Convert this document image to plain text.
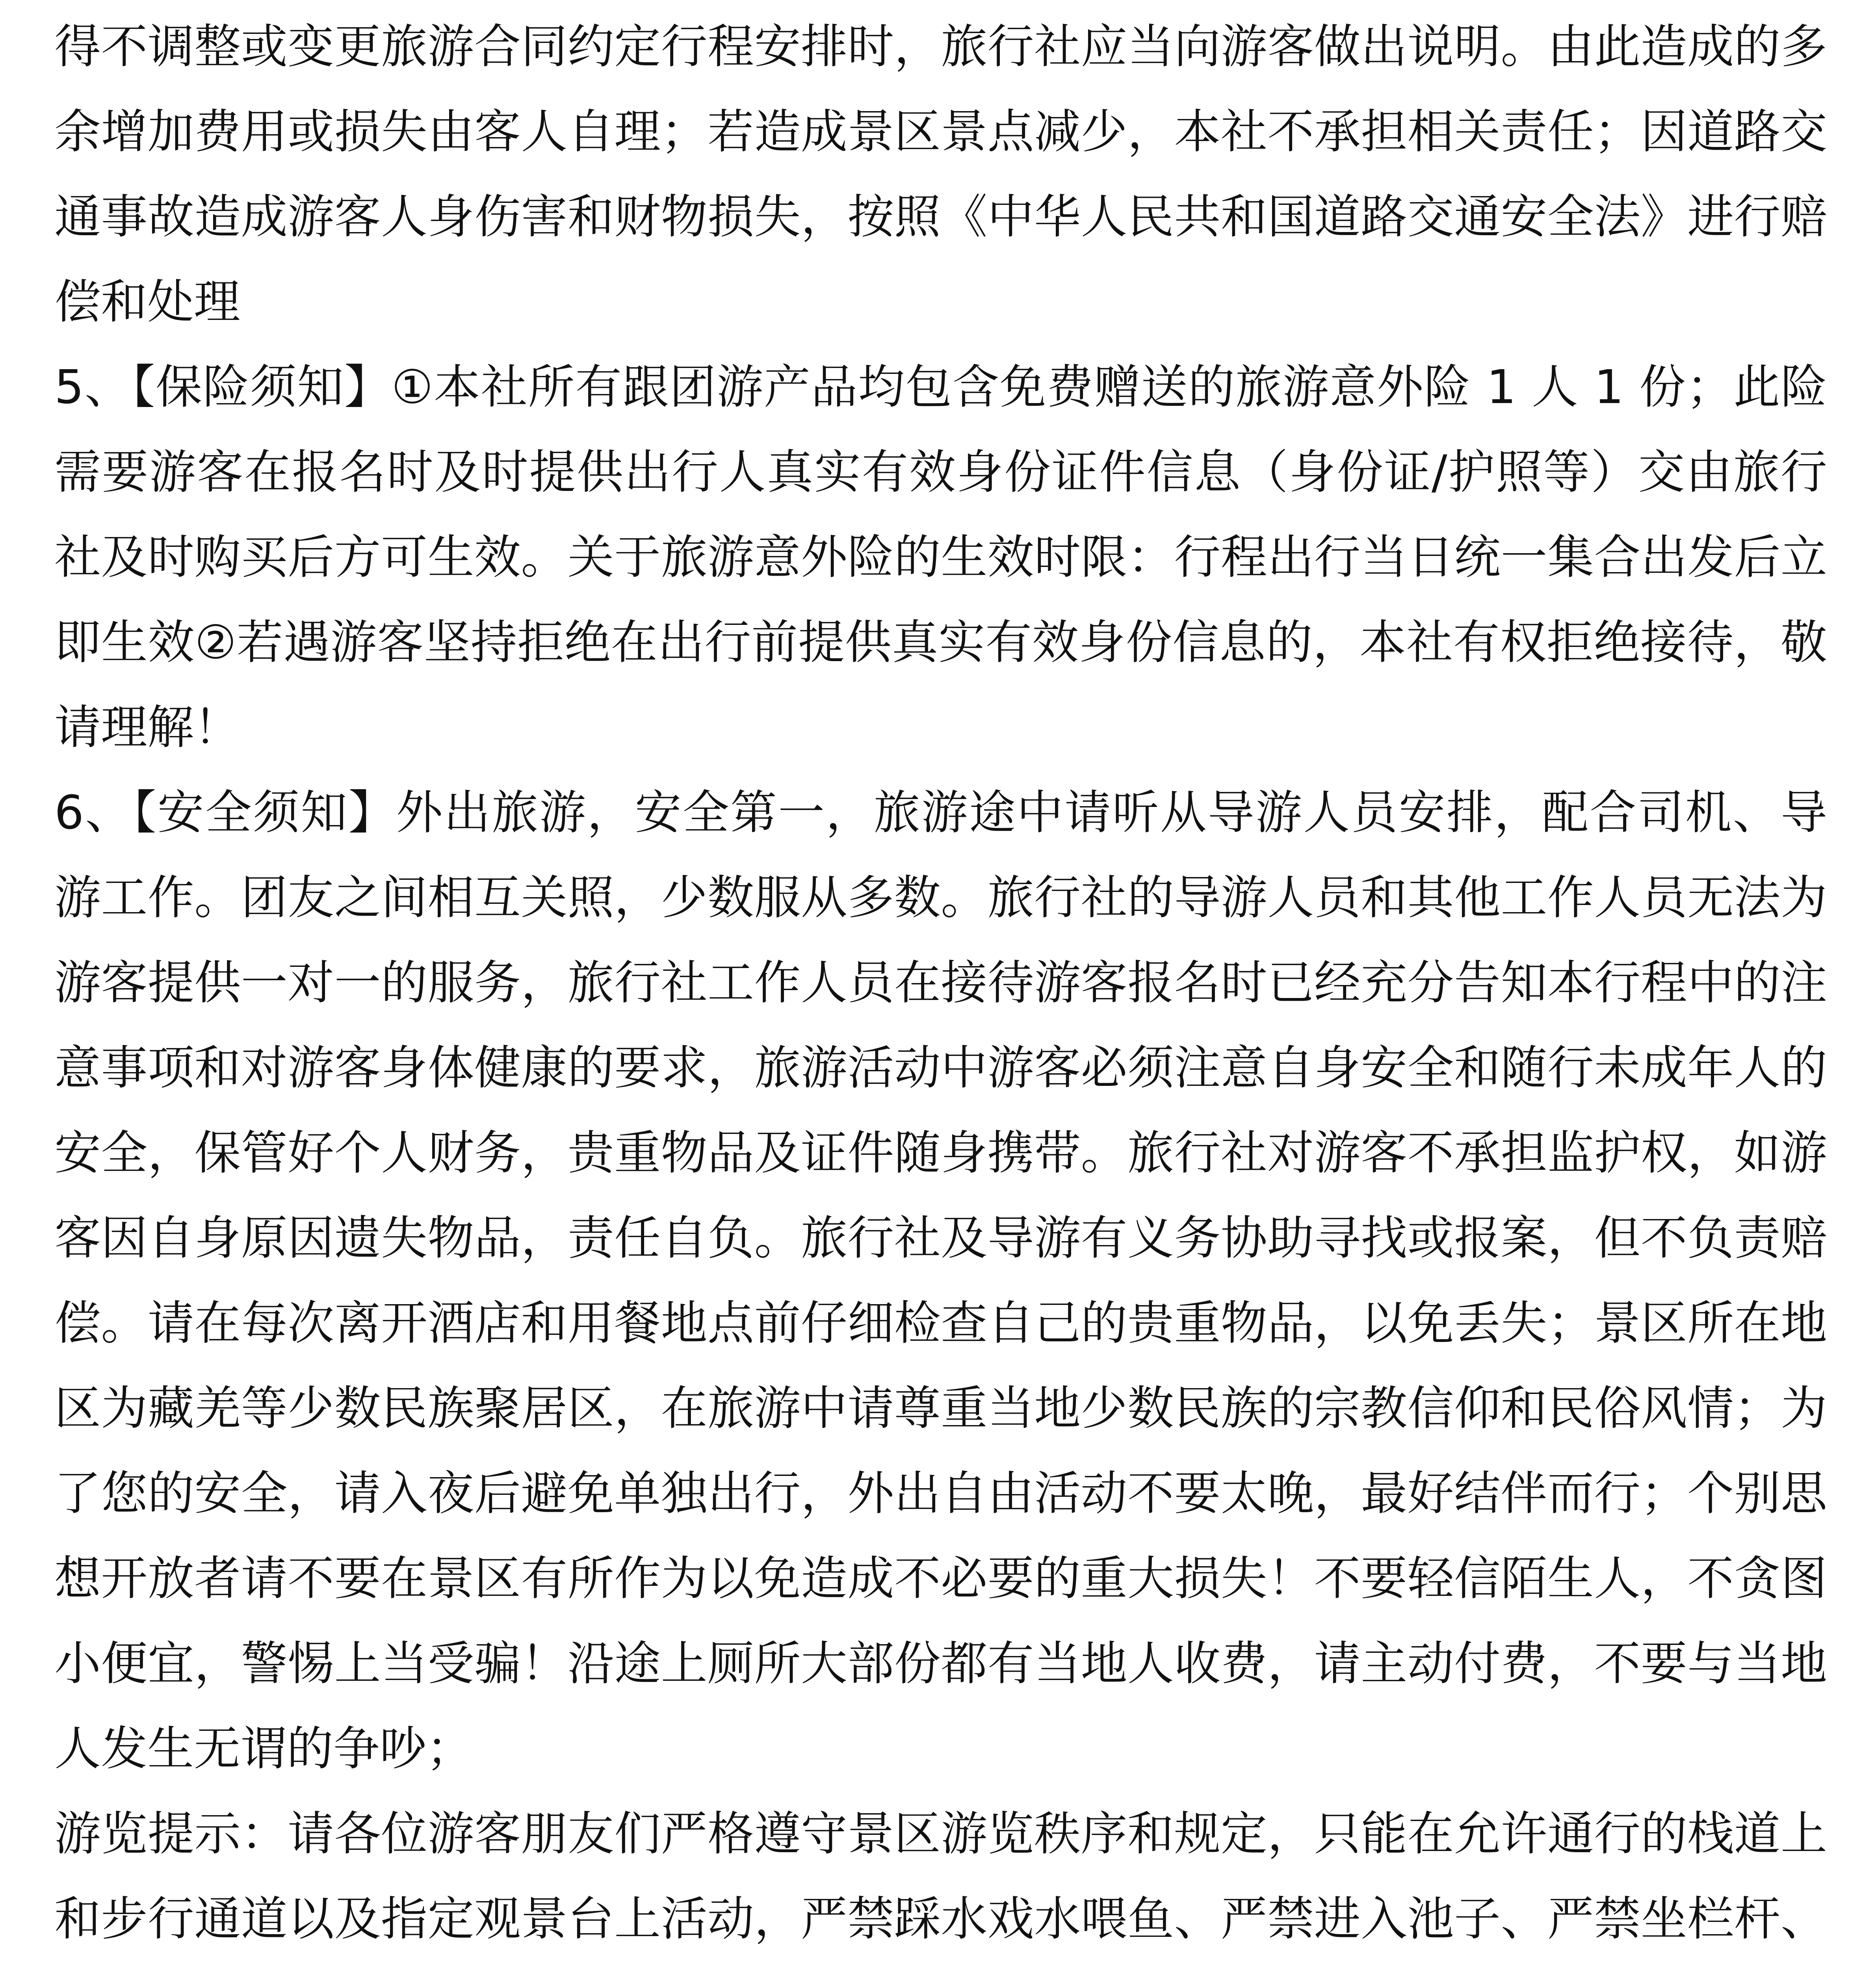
得不调整或变更旅游合同约定行程安排时，旅行社应当向游客做出说明。由此造成的多余增加费用或损失由客人自理；若造成景区景点减少，本社不承担相关责任；因道路交通事故造成游客人身伤害和财物损失，按照《中华人民共和国道路交通安全法》进行赔偿和处理

5、【保险须知】①本社所有跟团游产品均包含免费赠送的旅游意外险 1 人 1 份；此险需要游客在报名时及时提供出行人真实有效身份证件信息（身份证/护照等）交由旅行社及时购买后方可生效。关于旅游意外险的生效时限：行程出行当日统一集合出发后立即生效②若遇游客坚持拒绝在出行前提供真实有效身份信息的，本社有权拒绝接待，敬请理解！

6、【安全须知】外出旅游，安全第一，旅游途中请听从导游人员安排，配合司机、导游工作。团友之间相互关照，少数服从多数。旅行社的导游人员和其他工作人员无法为游客提供一对一的服务，旅行社工作人员在接待游客报名时已经充分告知本行程中的注意事项和对游客身体健康的要求，旅游活动中游客必须注意自身安全和随行未成年人的安全，保管好个人财务，贵重物品及证件随身携带。旅行社对游客不承担监护权，如游客因自身原因遗失物品，责任自负。旅行社及导游有义务协助寻找或报案，但不负责赔偿。请在每次离开酒店和用餐地点前仔细检查自己的贵重物品，以免丢失；景区所在地区为藏羌等少数民族聚居区，在旅游中请尊重当地少数民族的宗教信仰和民俗风情；为了您的安全，请入夜后避免单独出行，外出自由活动不要太晚，最好结伴而行；个别思想开放者请不要在景区有所作为以免造成不必要的重大损失！不要轻信陌生人，不贪图小便宜，警惕上当受骗！沿途上厕所大部份都有当地人收费，请主动付费，不要与当地人发生无谓的争吵；

游览提示：请各位游客朋友们严格遵守景区游览秩序和规定，只能在允许通行的栈道上和步行通道以及指定观景台上活动，严禁踩水戏水喂鱼、严禁进入池子、严禁坐栏杆、
